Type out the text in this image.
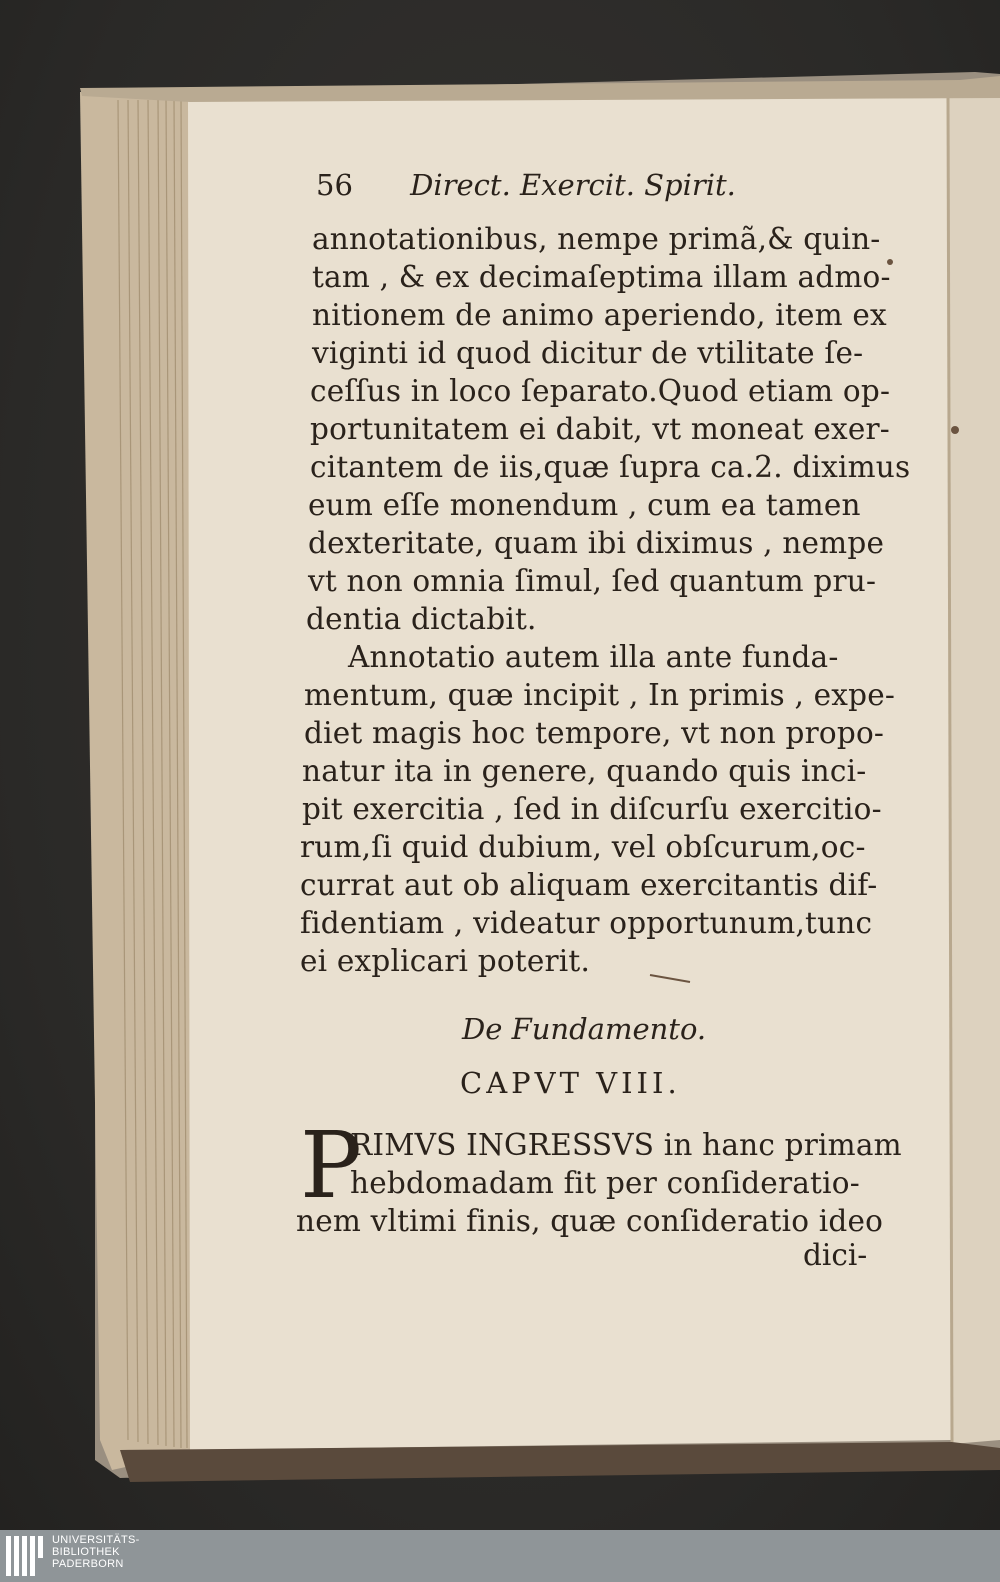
56 Direct. Exercit. Spirit.
annotationibus, nempe primã,& quin-
tam , & ex decimaſeptima illam admo-
nitionem de animo aperiendo, item ex
viginti id quod dicitur de vtilitate ſe-
ceſſus in loco ſeparato.Quod etiam op-
portunitatem ei dabit, vt moneat exer-
citantem de iis,quæ ſupra ca.2. diximus
eum eſſe monendum , cum ea tamen
dexteritate, quam ibi diximus , nempe
vt non omnia ſimul, ſed quantum pru-
dentia dictabit.
Annotatio autem illa ante funda-
mentum, quæ incipit , In primis , expe-
diet magis hoc tempore, vt non propo-
natur ita in genere, quando quis inci-
pit exercitia , ſed in diſcurſu exercitio-
rum,ſi quid dubium, vel obſcurum,oc-
currat aut ob aliquam exercitantis dif-
fidentiam , videatur opportunum,tunc
ei explicari poterit.
De Fundamento.
CAPVT VIII.
P
RIMVS INGRESSVS in hanc primam
hebdomadam fit per conſideratio-
nem vltimi finis, quæ conſideratio ideo
dici-
UNIVERSITÄTS-
BIBLIOTHEK
PADERBORN
